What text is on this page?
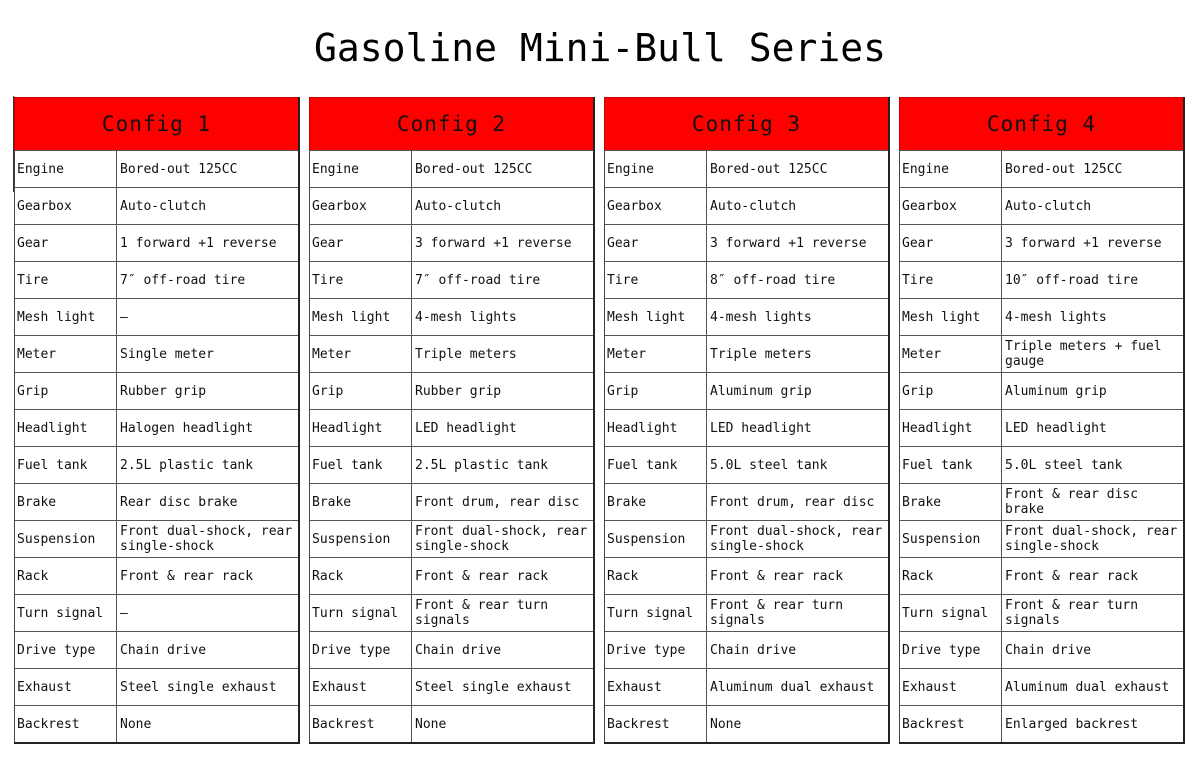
Gasoline Mini-Bull Series
Config 1
Engine	Bored-out 125CC
Gearbox	Auto-clutch
Gear	1 forward +1 reverse
Tire	7″ off-road tire
Mesh light	—
Meter	Single meter
Grip	Rubber grip
Headlight	Halogen headlight
Fuel tank	2.5L plastic tank
Brake	Rear disc brake
Suspension	Front dual-shock, rear single-shock
Rack	Front & rear rack
Turn signal	—
Drive type	Chain drive
Exhaust	Steel single exhaust
Backrest	None
Config 2
Engine	Bored-out 125CC
Gearbox	Auto-clutch
Gear	3 forward +1 reverse
Tire	7″ off-road tire
Mesh light	4-mesh lights
Meter	Triple meters
Grip	Rubber grip
Headlight	LED headlight
Fuel tank	2.5L plastic tank
Brake	Front drum, rear disc
Suspension	Front dual-shock, rear single-shock
Rack	Front & rear rack
Turn signal	Front & rear turn signals
Drive type	Chain drive
Exhaust	Steel single exhaust
Backrest	None
Config 3
Engine	Bored-out 125CC
Gearbox	Auto-clutch
Gear	3 forward +1 reverse
Tire	8″ off-road tire
Mesh light	4-mesh lights
Meter	Triple meters
Grip	Aluminum grip
Headlight	LED headlight
Fuel tank	5.0L steel tank
Brake	Front drum, rear disc
Suspension	Front dual-shock, rear single-shock
Rack	Front & rear rack
Turn signal	Front & rear turn signals
Drive type	Chain drive
Exhaust	Aluminum dual exhaust
Backrest	None
Config 4
Engine	Bored-out 125CC
Gearbox	Auto-clutch
Gear	3 forward +1 reverse
Tire	10″ off-road tire
Mesh light	4-mesh lights
Meter	Triple meters + fuel gauge
Grip	Aluminum grip
Headlight	LED headlight
Fuel tank	5.0L steel tank
Brake	Front & rear disc brake
Suspension	Front dual-shock, rear single-shock
Rack	Front & rear rack
Turn signal	Front & rear turn signals
Drive type	Chain drive
Exhaust	Aluminum dual exhaust
Backrest	Enlarged backrest
